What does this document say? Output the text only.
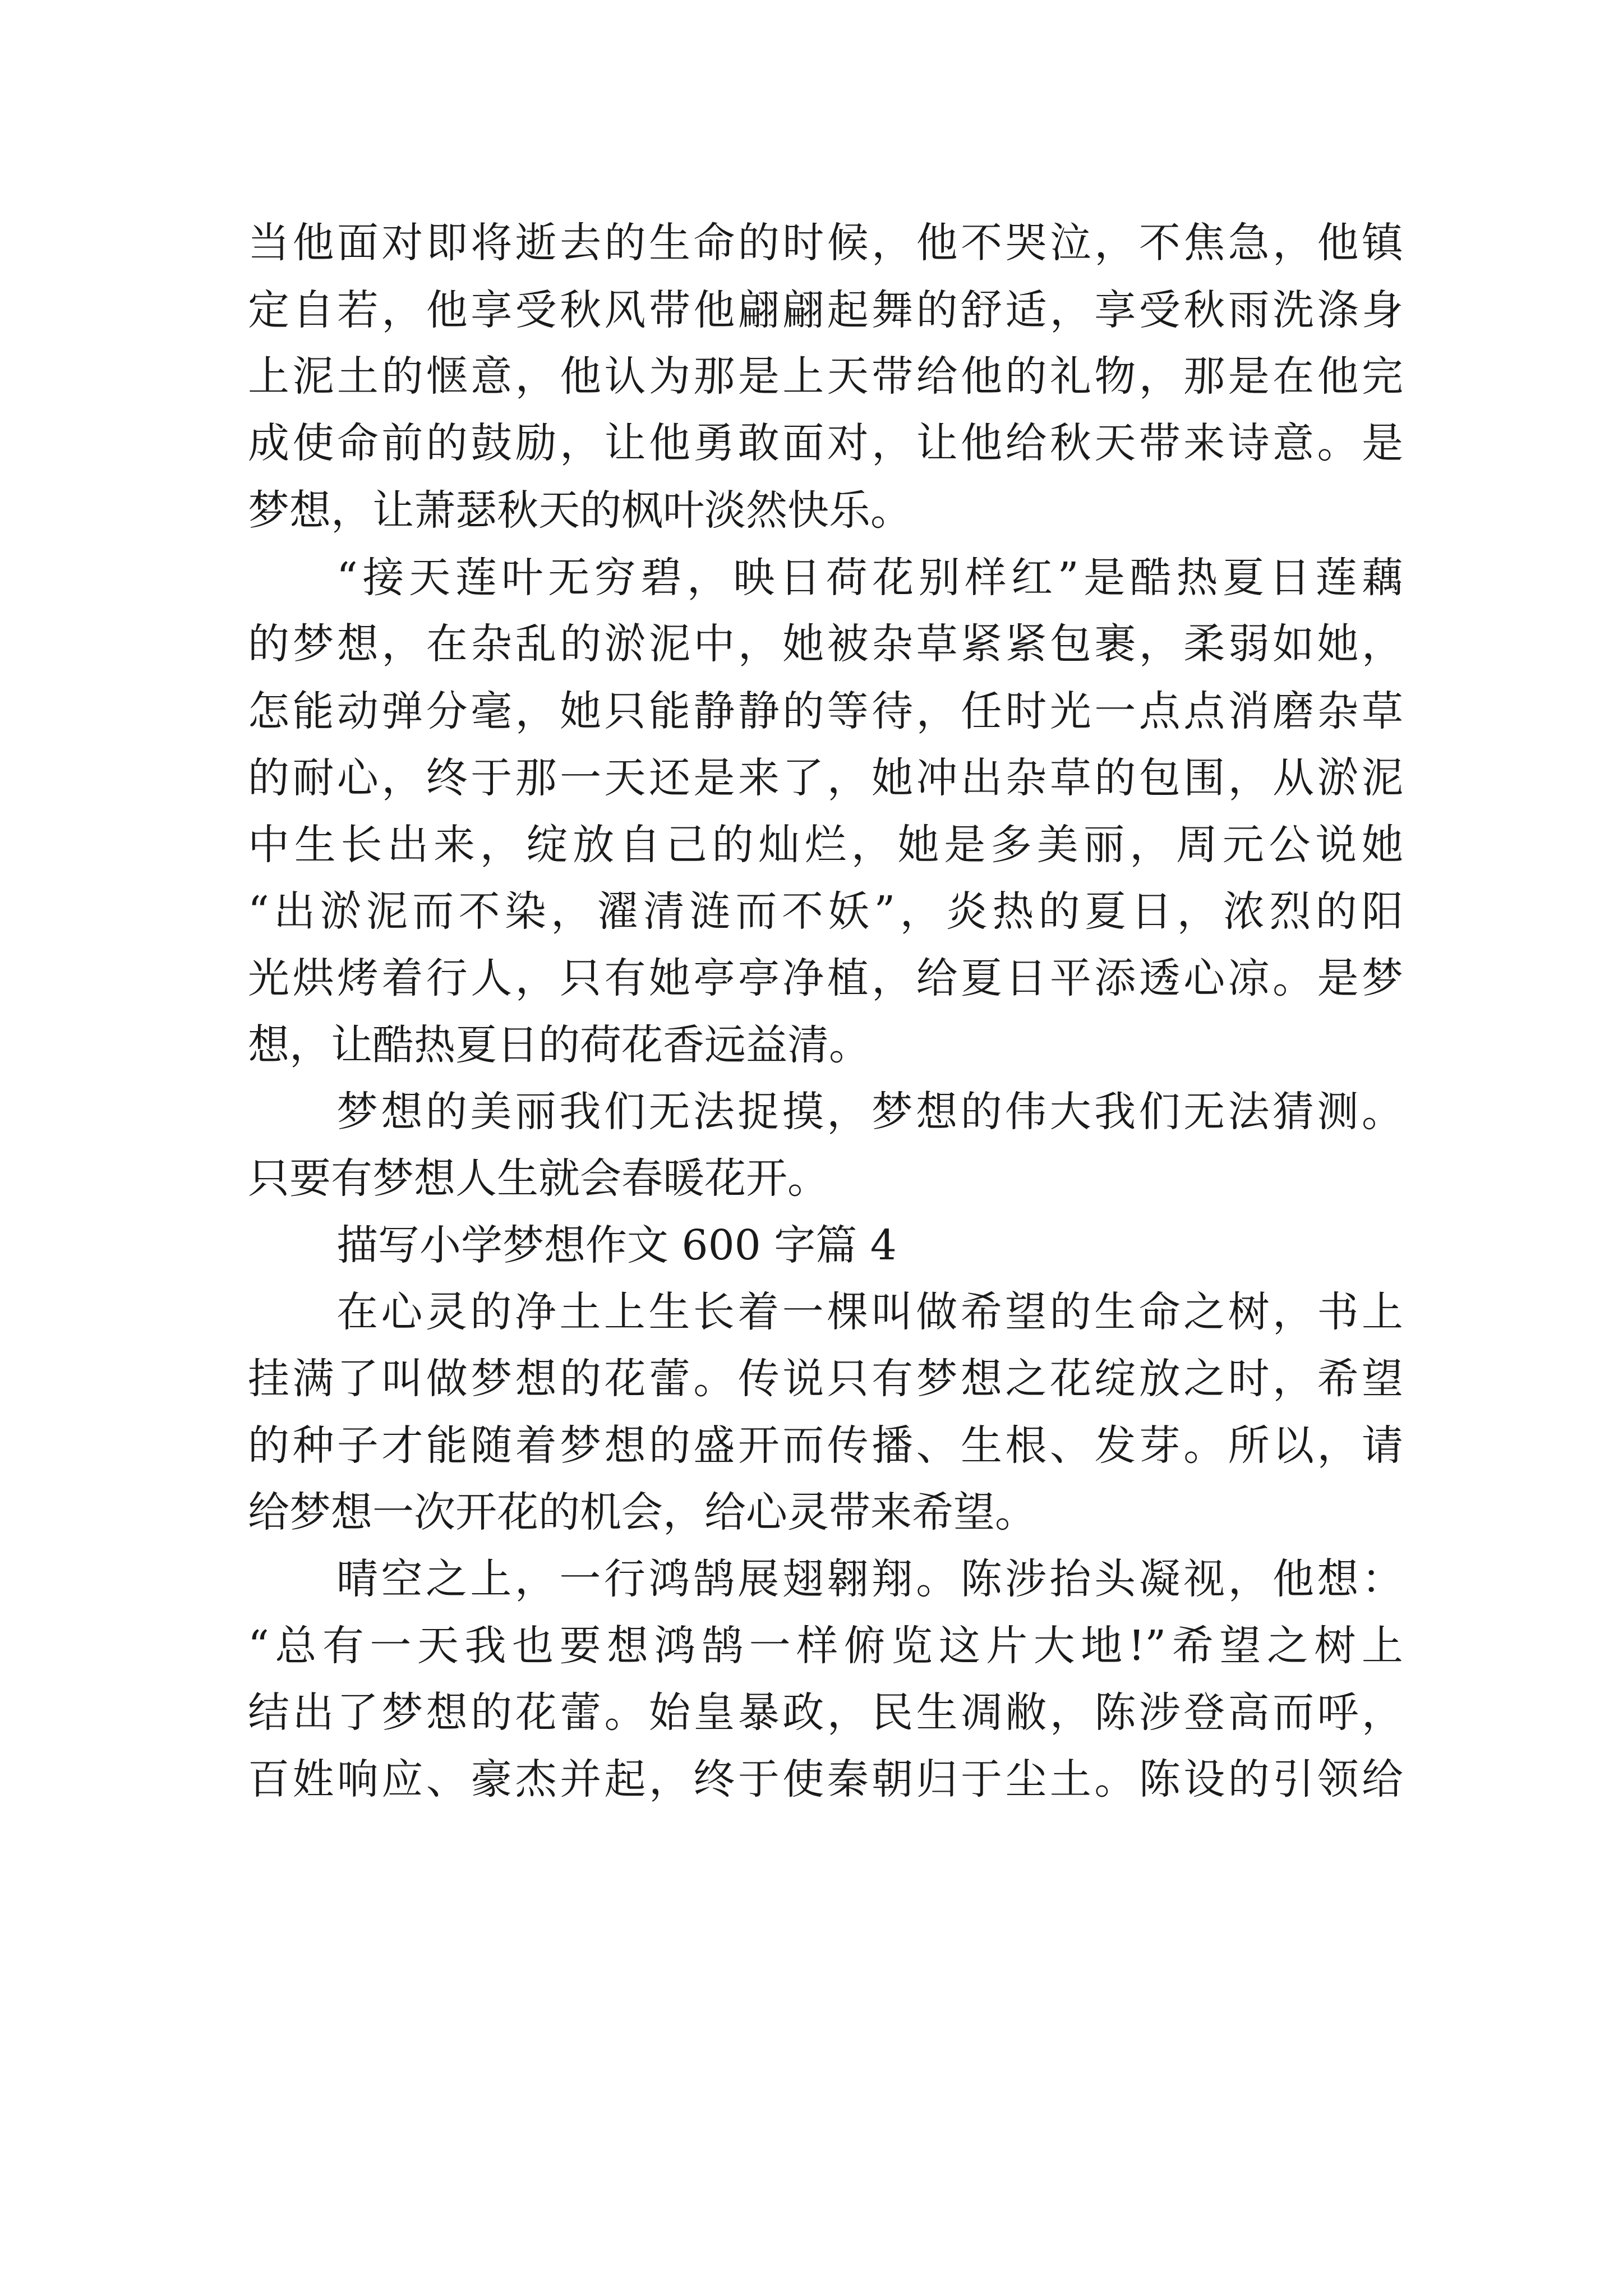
当他面对即将逝去的生命的时候，他不哭泣，不焦急，他镇

定自若，他享受秋风带他翩翩起舞的舒适，享受秋雨洗涤身

上泥土的惬意，他认为那是上天带给他的礼物，那是在他完

成使命前的鼓励，让他勇敢面对，让他给秋天带来诗意。是

梦想，让萧瑟秋天的枫叶淡然快乐。

“接天莲叶无穷碧，映日荷花别样红”是酷热夏日莲藕

的梦想，在杂乱的淤泥中，她被杂草紧紧包裹，柔弱如她，

怎能动弹分毫，她只能静静的等待，任时光一点点消磨杂草

的耐心，终于那一天还是来了，她冲出杂草的包围，从淤泥

中生长出来，绽放自己的灿烂，她是多美丽，周元公说她

“出淤泥而不染，濯清涟而不妖”，炎热的夏日，浓烈的阳

光烘烤着行人，只有她亭亭净植，给夏日平添透心凉。是梦

想，让酷热夏日的荷花香远益清。

梦想的美丽我们无法捉摸，梦想的伟大我们无法猜测。

只要有梦想人生就会春暖花开。

描写小学梦想作文 600 字篇 4

在心灵的净土上生长着一棵叫做希望的生命之树，书上

挂满了叫做梦想的花蕾。传说只有梦想之花绽放之时，希望

的种子才能随着梦想的盛开而传播、生根、发芽。所以，请

给梦想一次开花的机会，给心灵带来希望。

晴空之上，一行鸿鹄展翅翱翔。陈涉抬头凝视，他想：

“总有一天我也要想鸿鹄一样俯览这片大地!”希望之树上

结出了梦想的花蕾。始皇暴政，民生凋敝，陈涉登高而呼，

百姓响应、豪杰并起，终于使秦朝归于尘土。陈设的引领给
